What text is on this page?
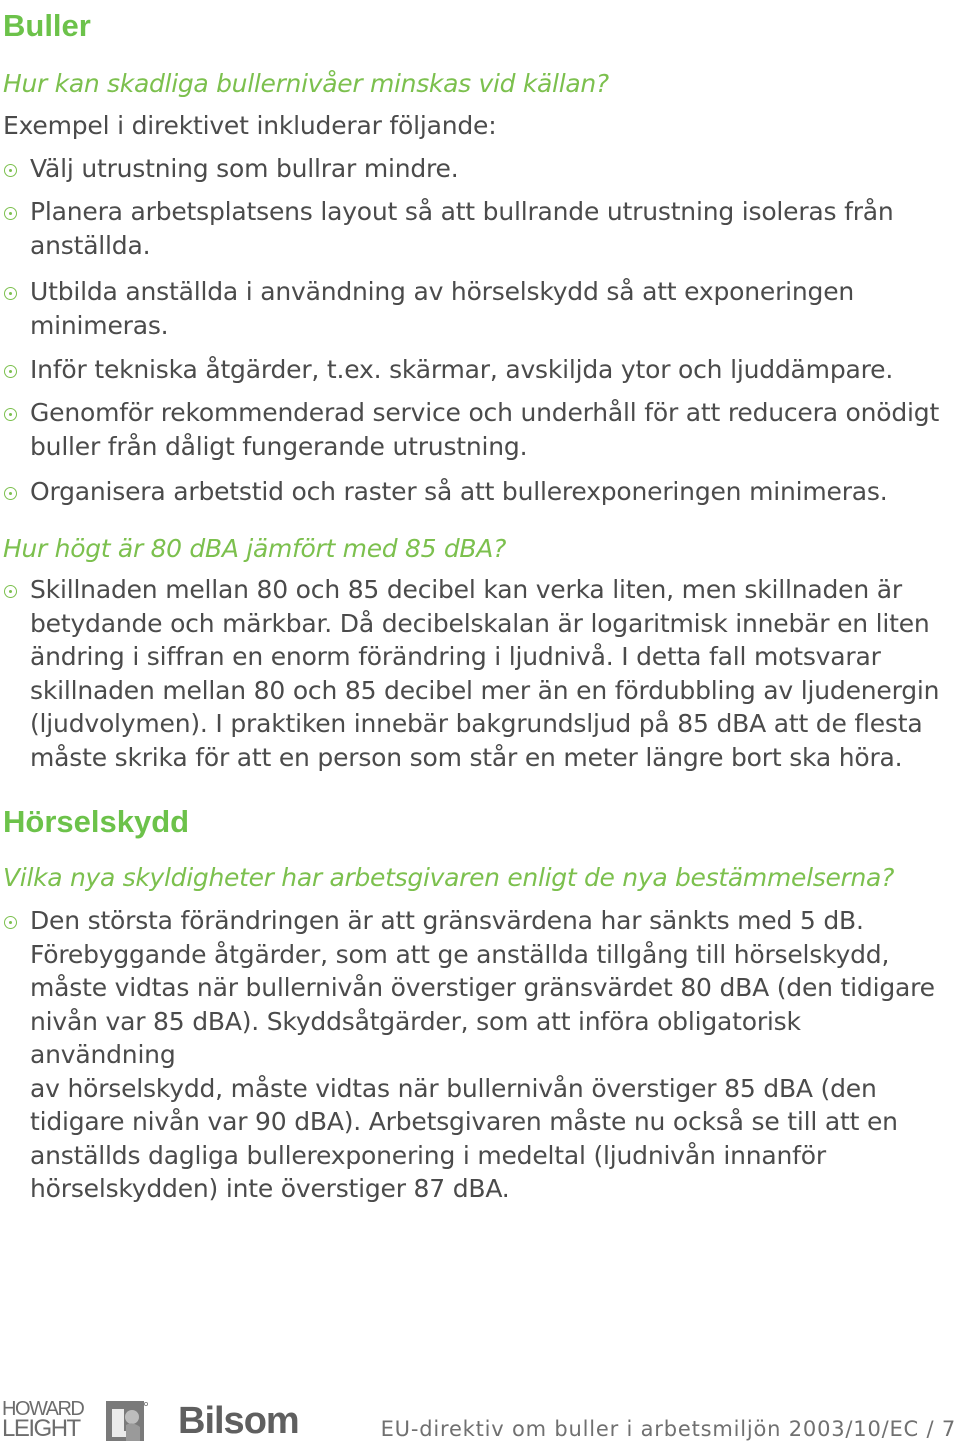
Buller

Hur kan skadliga bullernivåer minskas vid källan?

Exempel i direktivet inkluderar följande:

Välj utrustning som bullrar mindre.
Planera arbetsplatsens layout så att bullrande utrustning isoleras från
anställda.
Utbilda anställda i användning av hörselskydd så att exponeringen
minimeras.
Inför tekniska åtgärder, t.ex. skärmar, avskiljda ytor och ljuddämpare.
Genomför rekommenderad service och underhåll för att reducera onödigt
buller från dåligt fungerande utrustning.
Organisera arbetstid och raster så att bullerexponeringen minimeras.

Hur högt är 80 dBA jämfört med 85 dBA?

Skillnaden mellan 80 och 85 decibel kan verka liten, men skillnaden är
betydande och märkbar. Då decibelskalan är logaritmisk innebär en liten
ändring i siffran en enorm förändring i ljudnivå. I detta fall motsvarar
skillnaden mellan 80 och 85 decibel mer än en fördubbling av ljudenergin
(ljudvolymen). I praktiken innebär bakgrundsljud på 85 dBA att de flesta
måste skrika för att en person som står en meter längre bort ska höra.
Hörselskydd

Vilka nya skyldigheter har arbetsgivaren enligt de nya bestämmelserna?

Den största förändringen är att gränsvärdena har sänkts med 5 dB.
Förebyggande åtgärder, som att ge anställda tillgång till hörselskydd,
måste vidtas när bullernivån överstiger gränsvärdet 80 dBA (den tidigare
nivån var 85 dBA). Skyddsåtgärder, som att införa obligatorisk användning
av hörselskydd, måste vidtas när bullernivån överstiger 85 dBA (den
tidigare nivån var 90 dBA). Arbetsgivaren måste nu också se till att en
anställds dagliga bullerexponering i medeltal (ljudnivån innanför
hörselskydden) inte överstiger 87 dBA.
HOWARD
LEIGHT	Bilsom	EU-direktiv om buller i arbetsmiljön 2003/10/EC / 7
